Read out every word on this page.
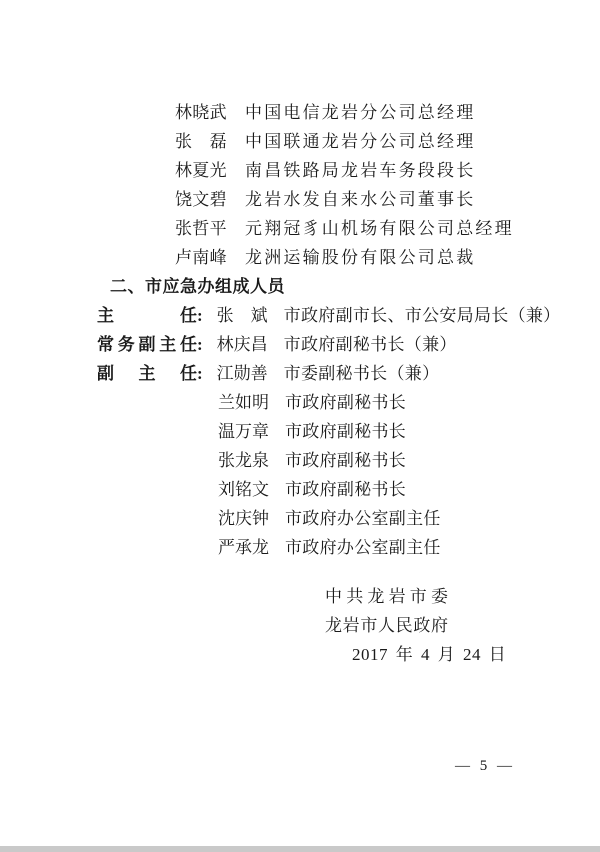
林晓武 中国电信龙岩分公司总经理
张　磊 中国联通龙岩分公司总经理
林夏光 南昌铁路局龙岩车务段段长
饶文碧 龙岩水发自来水公司董事长
张哲平 元翔冠豸山机场有限公司总经理
卢南峰 龙洲运输股份有限公司总裁
二、市应急办组成人员
主任 : 张　斌 市政府副市长、市公安局局长（兼）
常务副主任 : 林庆昌 市政府副秘书长（兼）
副主任 : 江勋善 市委副秘书长（兼）
兰如明 市政府副秘书长
温万章 市政府副秘书长
张龙泉 市政府副秘书长
刘铭文 市政府副秘书长
沈庆钟 市政府办公室副主任
严承龙 市政府办公室副主任
中共龙岩市委
龙岩市人民政府
2017 年 4 月 24 日
— 5 —
